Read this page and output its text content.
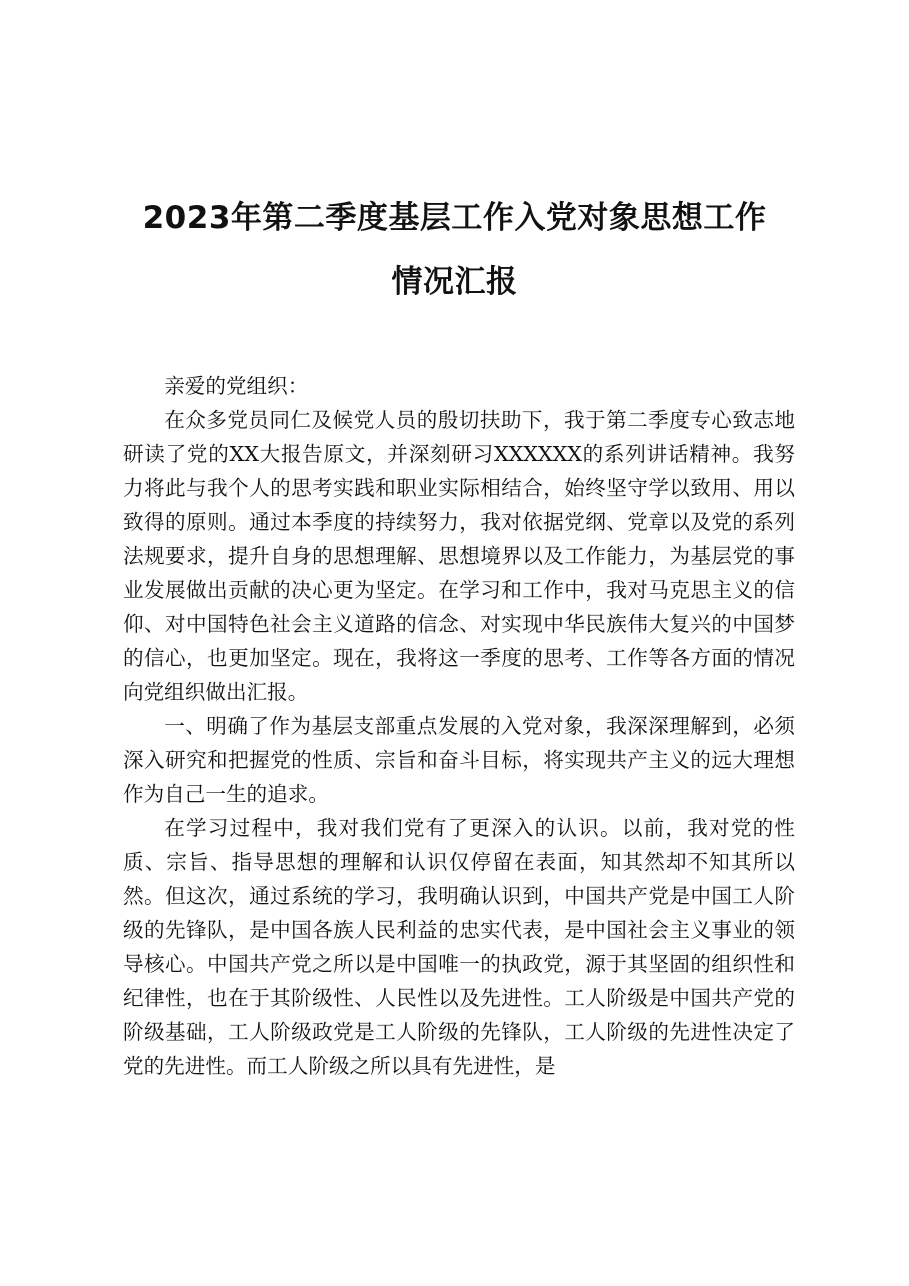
2023年第二季度基层工作入党对象思想工作
情况汇报

亲爱的党组织：

在众多党员同仁及候党人员的殷切扶助下，我于第二季度专心致志地研读了党的XX大报告原文，并深刻研习XXXXXX的系列讲话精神。我努力将此与我个人的思考实践和职业实际相结合，始终坚守学以致用、用以致得的原则。通过本季度的持续努力，我对依据党纲、党章以及党的系列法规要求，提升自身的思想理解、思想境界以及工作能力，为基层党的事业发展做出贡献的决心更为坚定。在学习和工作中，我对马克思主义的信仰、对中国特色社会主义道路的信念、对实现中华民族伟大复兴的中国梦的信心，也更加坚定。现在，我将这一季度的思考、工作等各方面的情况向党组织做出汇报。

一、明确了作为基层支部重点发展的入党对象，我深深理解到，必须深入研究和把握党的性质、宗旨和奋斗目标，将实现共产主义的远大理想作为自己一生的追求。

在学习过程中，我对我们党有了更深入的认识。以前，我对党的性质、宗旨、指导思想的理解和认识仅停留在表面，知其然却不知其所以然。但这次，通过系统的学习，我明确认识到，中国共产党是中国工人阶级的先锋队，是中国各族人民利益的忠实代表，是中国社会主义事业的领导核心。中国共产党之所以是中国唯一的执政党，源于其坚固的组织性和纪律性，也在于其阶级性、人民性以及先进性。工人阶级是中国共产党的阶级基础，工人阶级政党是工人阶级的先锋队，工人阶级的先进性决定了党的先进性。而工人阶级之所以具有先进性，是
